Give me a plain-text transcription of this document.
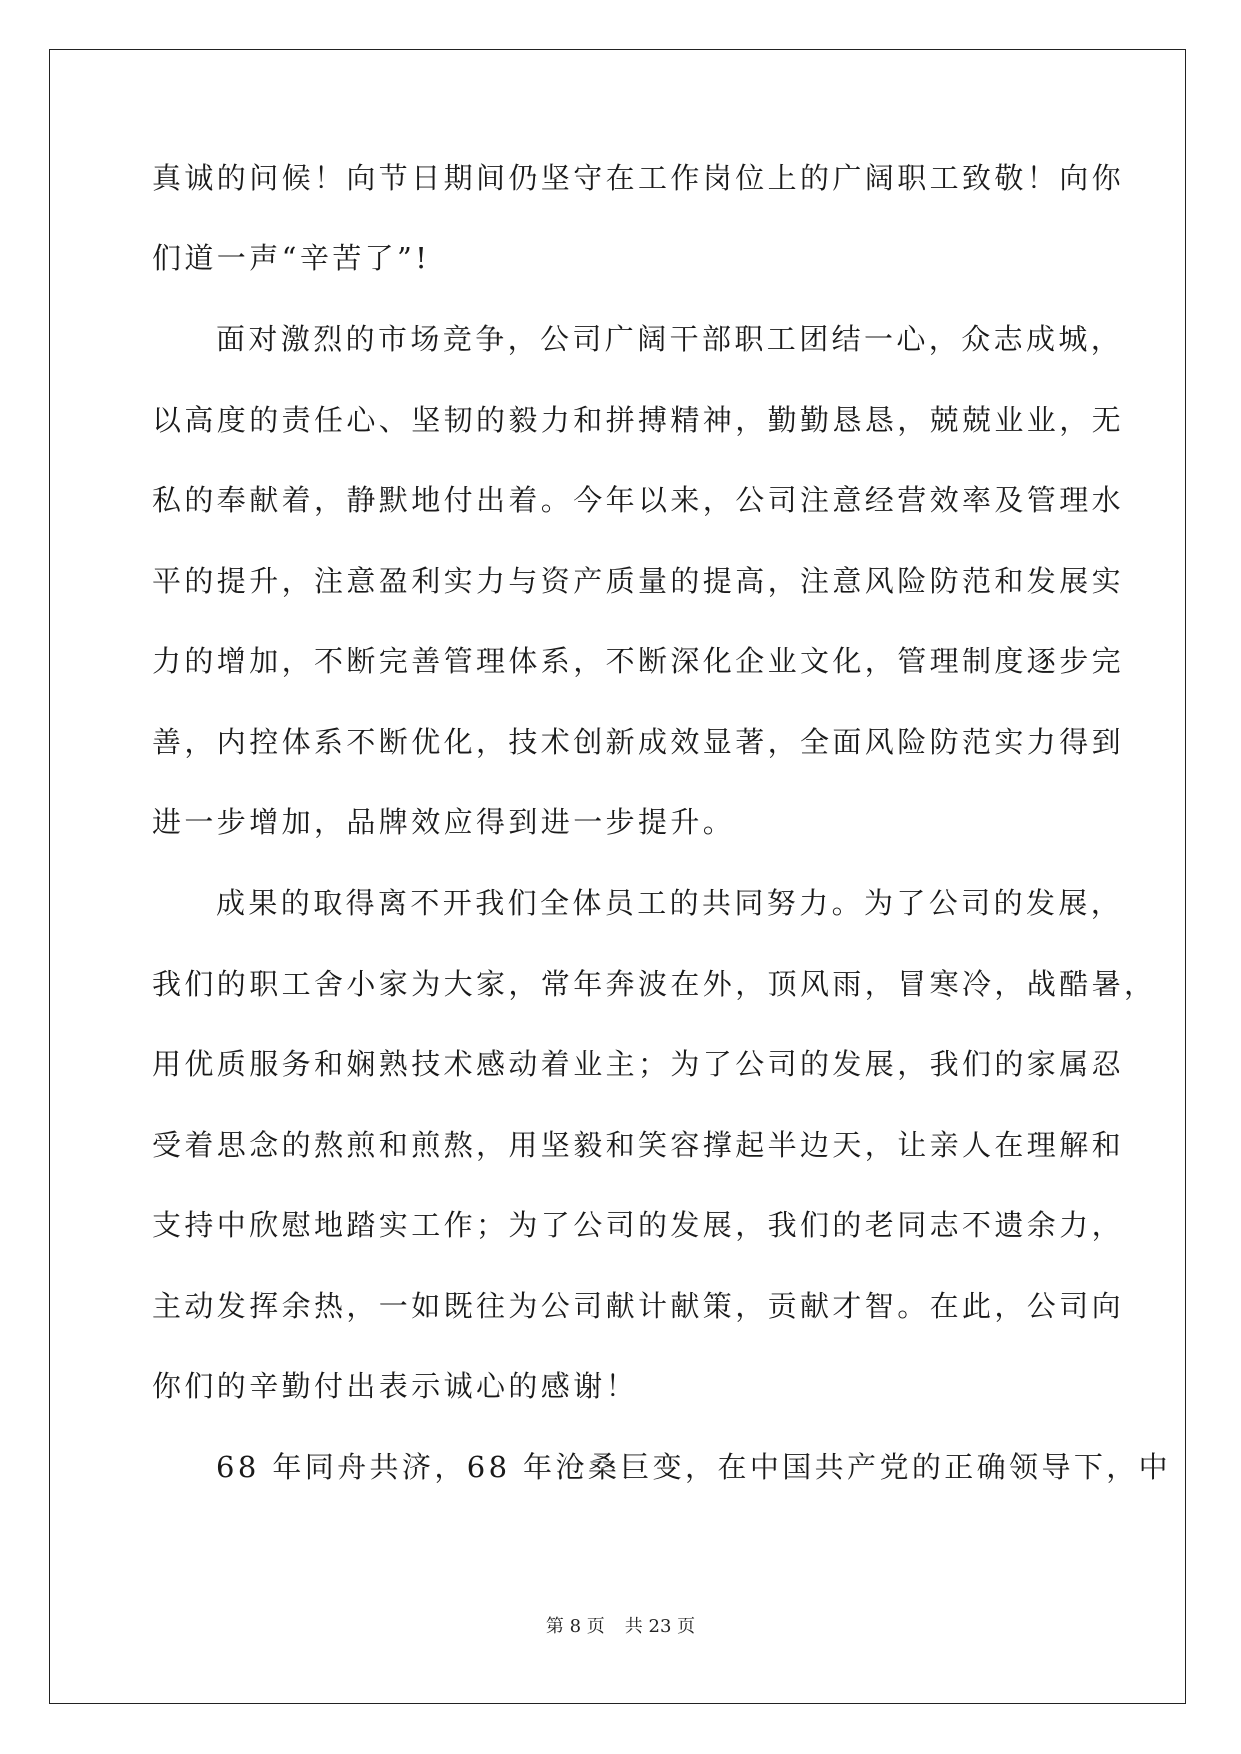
真诚的问候！向节日期间仍坚守在工作岗位上的广阔职工致敬！向你
们道一声“辛苦了”!
面对激烈的市场竞争，公司广阔干部职工团结一心，众志成城，
以高度的责任心、坚韧的毅力和拼搏精神，勤勤恳恳，兢兢业业，无
私的奉献着，静默地付出着。今年以来，公司注意经营效率及管理水
平的提升，注意盈利实力与资产质量的提高，注意风险防范和发展实
力的增加，不断完善管理体系，不断深化企业文化，管理制度逐步完
善，内控体系不断优化，技术创新成效显著，全面风险防范实力得到
进一步增加，品牌效应得到进一步提升。
成果的取得离不开我们全体员工的共同努力。为了公司的发展，
我们的职工舍小家为大家，常年奔波在外，顶风雨，冒寒冷，战酷暑，
用优质服务和娴熟技术感动着业主；为了公司的发展，我们的家属忍
受着思念的熬煎和煎熬，用坚毅和笑容撑起半边天，让亲人在理解和
支持中欣慰地踏实工作；为了公司的发展，我们的老同志不遗余力，
主动发挥余热，一如既往为公司献计献策，贡献才智。在此，公司向
你们的辛勤付出表示诚心的感谢！
68 年同舟共济，68 年沧桑巨变，在中国共产党的正确领导下，中
第 8 页 共 23 页
